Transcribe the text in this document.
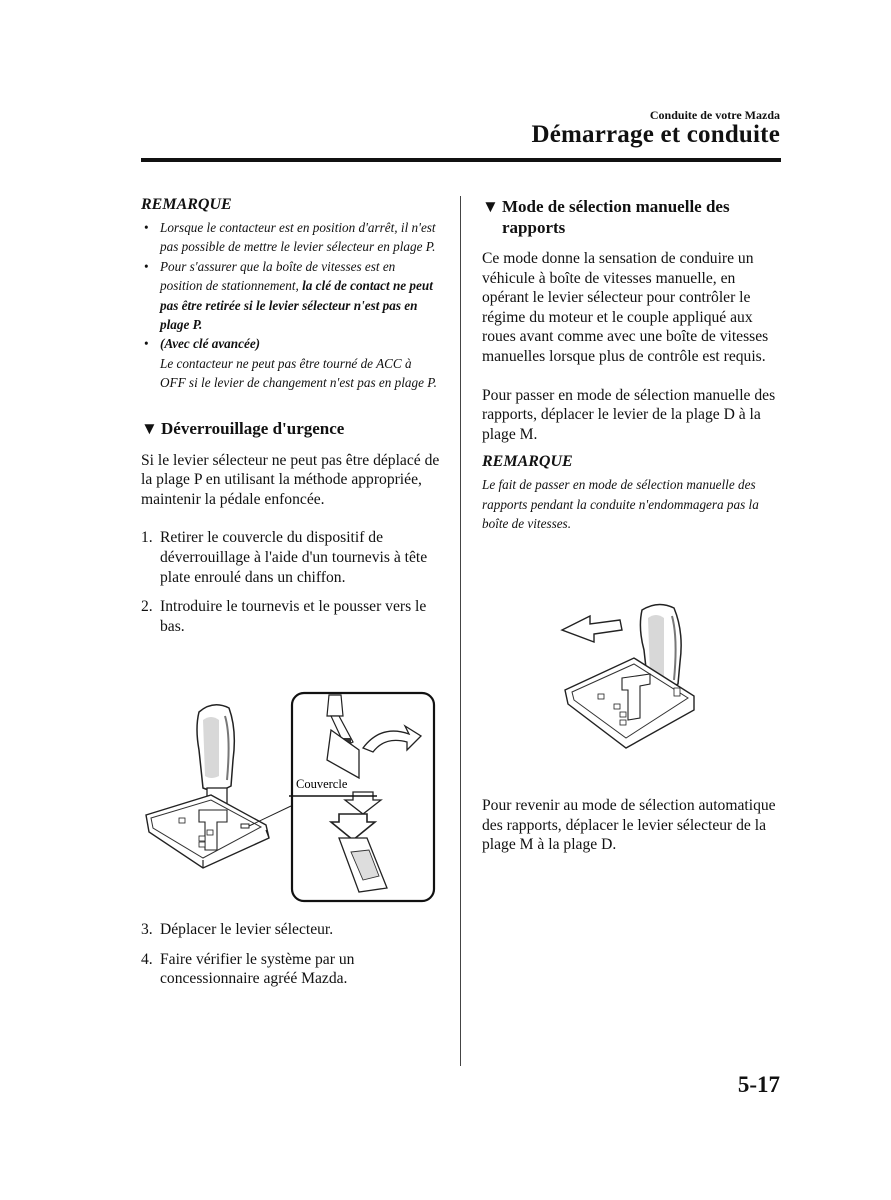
Conduite de votre Mazda
Démarrage et conduite

REMARQUE

• Lorsque le contacteur est en position d'arrêt, il n'est pas possible de mettre le levier sélecteur en plage P.
• Pour s'assurer que la boîte de vitesses est en position de stationnement, la clé de contact ne peut pas être retirée si le levier sélecteur n'est pas en plage P.
• (Avec clé avancée)
Le contacteur ne peut pas être tourné de ACC à OFF si le levier de changement n'est pas en plage P.

▼ Déverrouillage d'urgence

Si le levier sélecteur ne peut pas être déplacé de la plage P en utilisant la méthode appropriée, maintenir la pédale enfoncée.

1. Retirer le couvercle du dispositif de déverrouillage à l'aide d'un tournevis à tête plate enroulé dans un chiffon.

2. Introduire le tournevis et le pousser vers le bas.

Couvercle

3. Déplacer le levier sélecteur.

4. Faire vérifier le système par un concessionnaire agréé Mazda.

▼ Mode de sélection manuelle des rapports

Ce mode donne la sensation de conduire un véhicule à boîte de vitesses manuelle, en opérant le levier sélecteur pour contrôler le régime du moteur et le couple appliqué aux roues avant comme avec une boîte de vitesses manuelles lorsque plus de contrôle est requis.

Pour passer en mode de sélection manuelle des rapports, déplacer le levier de la plage D à la plage M.

REMARQUE

Le fait de passer en mode de sélection manuelle des rapports pendant la conduite n'endommagera pas la boîte de vitesses.

Pour revenir au mode de sélection automatique des rapports, déplacer le levier sélecteur de la plage M à la plage D.

5-17
